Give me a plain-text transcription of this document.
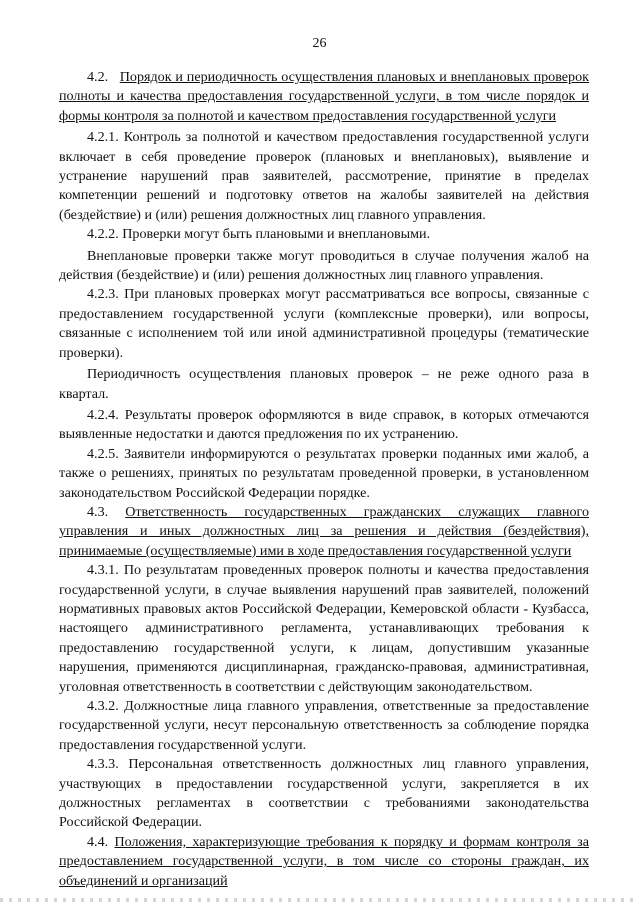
26

4.2. Порядок и периодичность осуществления плановых и внеплановых проверок полноты и качества предоставления государственной услуги, в том числе порядок и формы контроля за полнотой и качеством предоставления государственной услуги

4.2.1. Контроль за полнотой и качеством предоставления государственной услуги включает в себя проведение проверок (плановых и внеплановых), выявление и устранение нарушений прав заявителей, рассмотрение, принятие в пределах компетенции решений и подготовку ответов на жалобы заявителей на действия (бездействие) и (или) решения должностных лиц главного управления.

4.2.2. Проверки могут быть плановыми и внеплановыми.

Внеплановые проверки также могут проводиться в случае получения жалоб на действия (бездействие) и (или) решения должностных лиц главного управления.

4.2.3. При плановых проверках могут рассматриваться все вопросы, связанные с предоставлением государственной услуги (комплексные проверки), или вопросы, связанные с исполнением той или иной административной процедуры (тематические проверки).

Периодичность осуществления плановых проверок – не реже одного раза в квартал.

4.2.4. Результаты проверок оформляются в виде справок, в которых отмечаются выявленные недостатки и даются предложения по их устранению.

4.2.5. Заявители информируются о результатах проверки поданных ими жалоб, а также о решениях, принятых по результатам проведенной проверки, в установленном законодательством Российской Федерации порядке.

4.3. Ответственность государственных гражданских служащих главного управления и иных должностных лиц за решения и действия (бездействия), принимаемые (осуществляемые) ими в ходе предоставления государственной услуги

4.3.1. По результатам проведенных проверок полноты и качества предоставления государственной услуги, в случае выявления нарушений прав заявителей, положений нормативных правовых актов Российской Федерации, Кемеровской области - Кузбасса, настоящего административного регламента, устанавливающих требования к предоставлению государственной услуги, к лицам, допустившим указанные нарушения, применяются дисциплинарная, гражданско-правовая, административная, уголовная ответственность в соответствии с действующим законодательством.

4.3.2. Должностные лица главного управления, ответственные за предоставление государственной услуги, несут персональную ответственность за соблюдение порядка предоставления государственной услуги.

4.3.3. Персональная ответственность должностных лиц главного управления, участвующих в предоставлении государственной услуги, закрепляется в их должностных регламентах в соответствии с требованиями законодательства Российской Федерации.

4.4. Положения, характеризующие требования к порядку и формам контроля за предоставлением государственной услуги, в том числе со стороны граждан, их объединений и организаций
